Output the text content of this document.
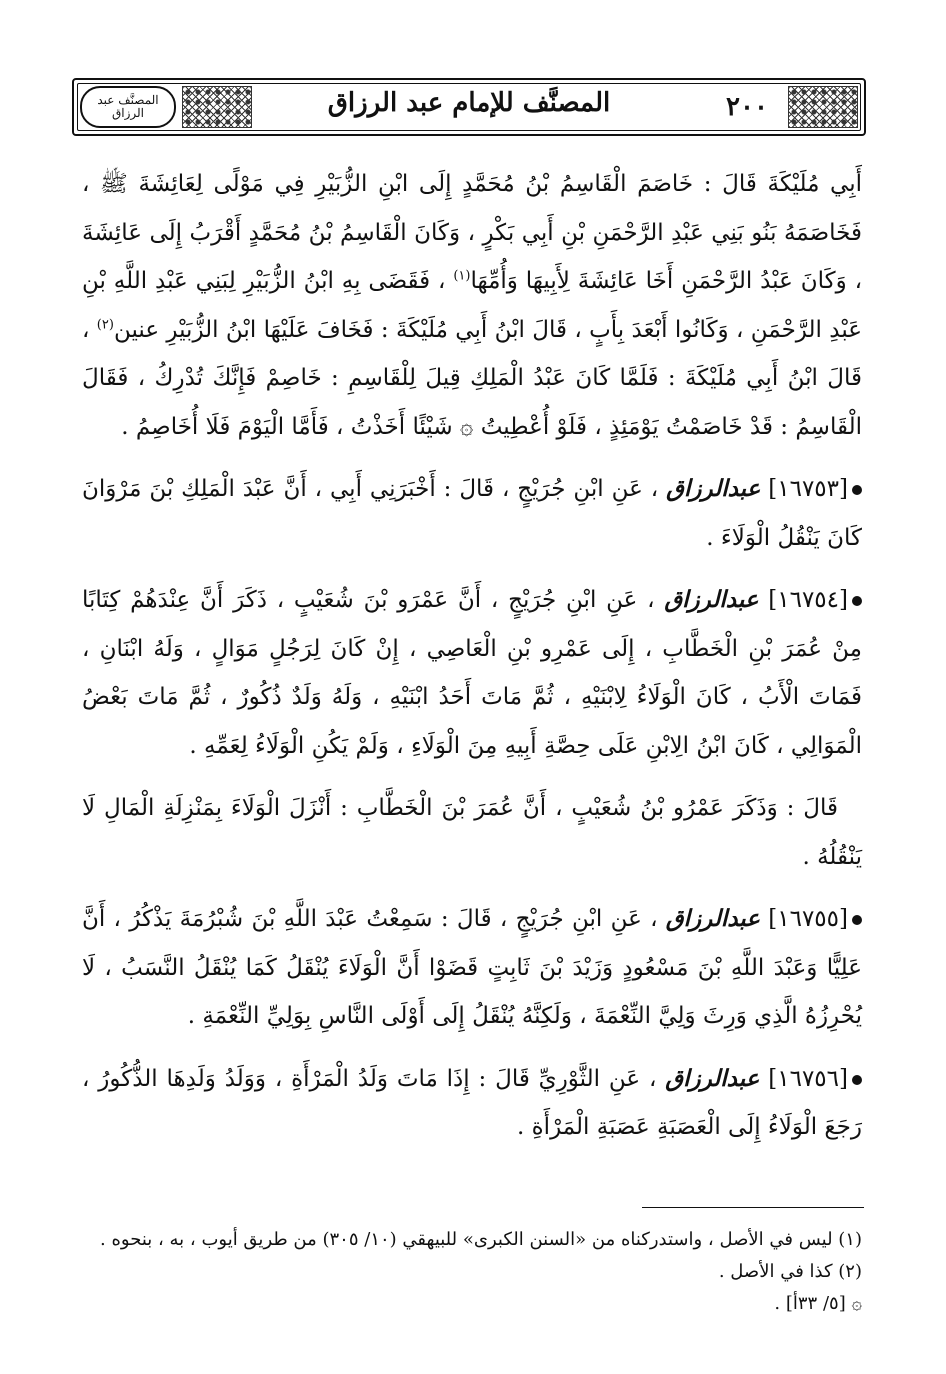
٢٠٠
المصنَّف للإمام عبد الرزاق
المصنَّف عبد الرزاق

أَبِي مُلَيْكَةَ قَالَ : خَاصَمَ الْقَاسِمُ بْنُ مُحَمَّدٍ إِلَى ابْنِ الزُّبَيْرِ فِي مَوْلًى لِعَائِشَةَ ﷺ ، فَخَاصَمَهُ بَنُو بَنِي عَبْدِ الرَّحْمَنِ بْنِ أَبِي بَكْرٍ ، وَكَانَ الْقَاسِمُ بْنُ مُحَمَّدٍ أَقْرَبُ إِلَى عَائِشَةَ ، وَكَانَ عَبْدُ الرَّحْمَنِ أَخَا عَائِشَةَ لِأَبِيهَا وَأُمِّهَا$^{(١)}$ ، فَقَضَى بِهِ ابْنُ الزُّبَيْرِ لِبَنِي عَبْدِ اللَّهِ بْنِ عَبْدِ الرَّحْمَنِ ، وَكَانُوا أَبْعَدَ بِأَبٍ ، قَالَ ابْنُ أَبِي مُلَيْكَةَ : فَخَافَ عَلَيْهَا ابْنُ الزُّبَيْرِ عنين$^{(٢)}$ ، قَالَ ابْنُ أَبِي مُلَيْكَةَ : فَلَمَّا كَانَ عَبْدُ الْمَلِكِ قِيلَ لِلْقَاسِمِ : خَاصِمْ فَإِنَّكَ تُدْرِكُ ، فَقَالَ الْقَاسِمُ : قَدْ خَاصَمْتُ يَوْمَئِذٍ ، فَلَوْ أُعْطِيتُ ۞ شَيْئًا أَخَذْتُ ، فَأَمَّا الْيَوْمَ فَلَا أُخَاصِمُ .

[١٦٧٥٣] عبدالرزاق ، عَنِ ابْنِ جُرَيْجٍ ، قَالَ : أَخْبَرَنِي أَبِي ، أَنَّ عَبْدَ الْمَلِكِ بْنَ مَرْوَانَ كَانَ يَنْقُلُ الْوَلَاءَ .

[١٦٧٥٤] عبدالرزاق ، عَنِ ابْنِ جُرَيْجٍ ، أَنَّ عَمْرَو بْنَ شُعَيْبٍ ، ذَكَرَ أَنَّ عِنْدَهُمْ كِتَابًا مِنْ عُمَرَ بْنِ الْخَطَّابِ ، إِلَى عَمْرِو بْنِ الْعَاصِي ، إِنْ كَانَ لِرَجُلٍ مَوَالٍ ، وَلَهُ ابْنَانِ ، فَمَاتَ الْأَبُ ، كَانَ الْوَلَاءُ لِابْنَيْهِ ، ثُمَّ مَاتَ أَحَدُ ابْنَيْهِ ، وَلَهُ وَلَدٌ ذُكُورٌ ، ثُمَّ مَاتَ بَعْضُ الْمَوَالِي ، كَانَ ابْنُ الِابْنِ عَلَى حِصَّةِ أَبِيهِ مِنَ الْوَلَاءِ ، وَلَمْ يَكُنِ الْوَلَاءُ لِعَمِّهِ .

قَالَ : وَذَكَرَ عَمْرُو بْنُ شُعَيْبٍ ، أَنَّ عُمَرَ بْنَ الْخَطَّابِ : أَنْزَلَ الْوَلَاءَ بِمَنْزِلَةِ الْمَالِ لَا يَنْقُلُهُ .

[١٦٧٥٥] عبدالرزاق ، عَنِ ابْنِ جُرَيْجٍ ، قَالَ : سَمِعْتُ عَبْدَ اللَّهِ بْنَ شُبْرُمَةَ يَذْكُرُ ، أَنَّ عَلِيًّا وَعَبْدَ اللَّهِ بْنَ مَسْعُودٍ وَزَيْدَ بْنَ ثَابِتٍ قَضَوْا أَنَّ الْوَلَاءَ يُنْقَلُ كَمَا يُنْقَلُ النَّسَبُ ، لَا يُحْرِزُهُ الَّذِي وَرِثَ وَلِيَّ النِّعْمَةَ ، وَلَكِنَّهُ يُنْقَلُ إِلَى أَوْلَى النَّاسِ بِوَلِيِّ النِّعْمَةِ .

[١٦٧٥٦] عبدالرزاق ، عَنِ الثَّوْرِيِّ قَالَ : إِذَا مَاتَ وَلَدُ الْمَرْأَةِ ، وَوَلَدُ وَلَدِهَا الذُّكُورُ ، رَجَعَ الْوَلَاءُ إِلَى الْعَصَبَةِ عَصَبَةِ الْمَرْأَةِ .

(١) ليس في الأصل ، واستدركناه من «السنن الكبرى» للبيهقي (١٠/ ٣٠٥) من طريق أيوب ، به ، بنحوه .

(٢) كذا في الأصل .

۞ [٥/ ٣٣أ] .
